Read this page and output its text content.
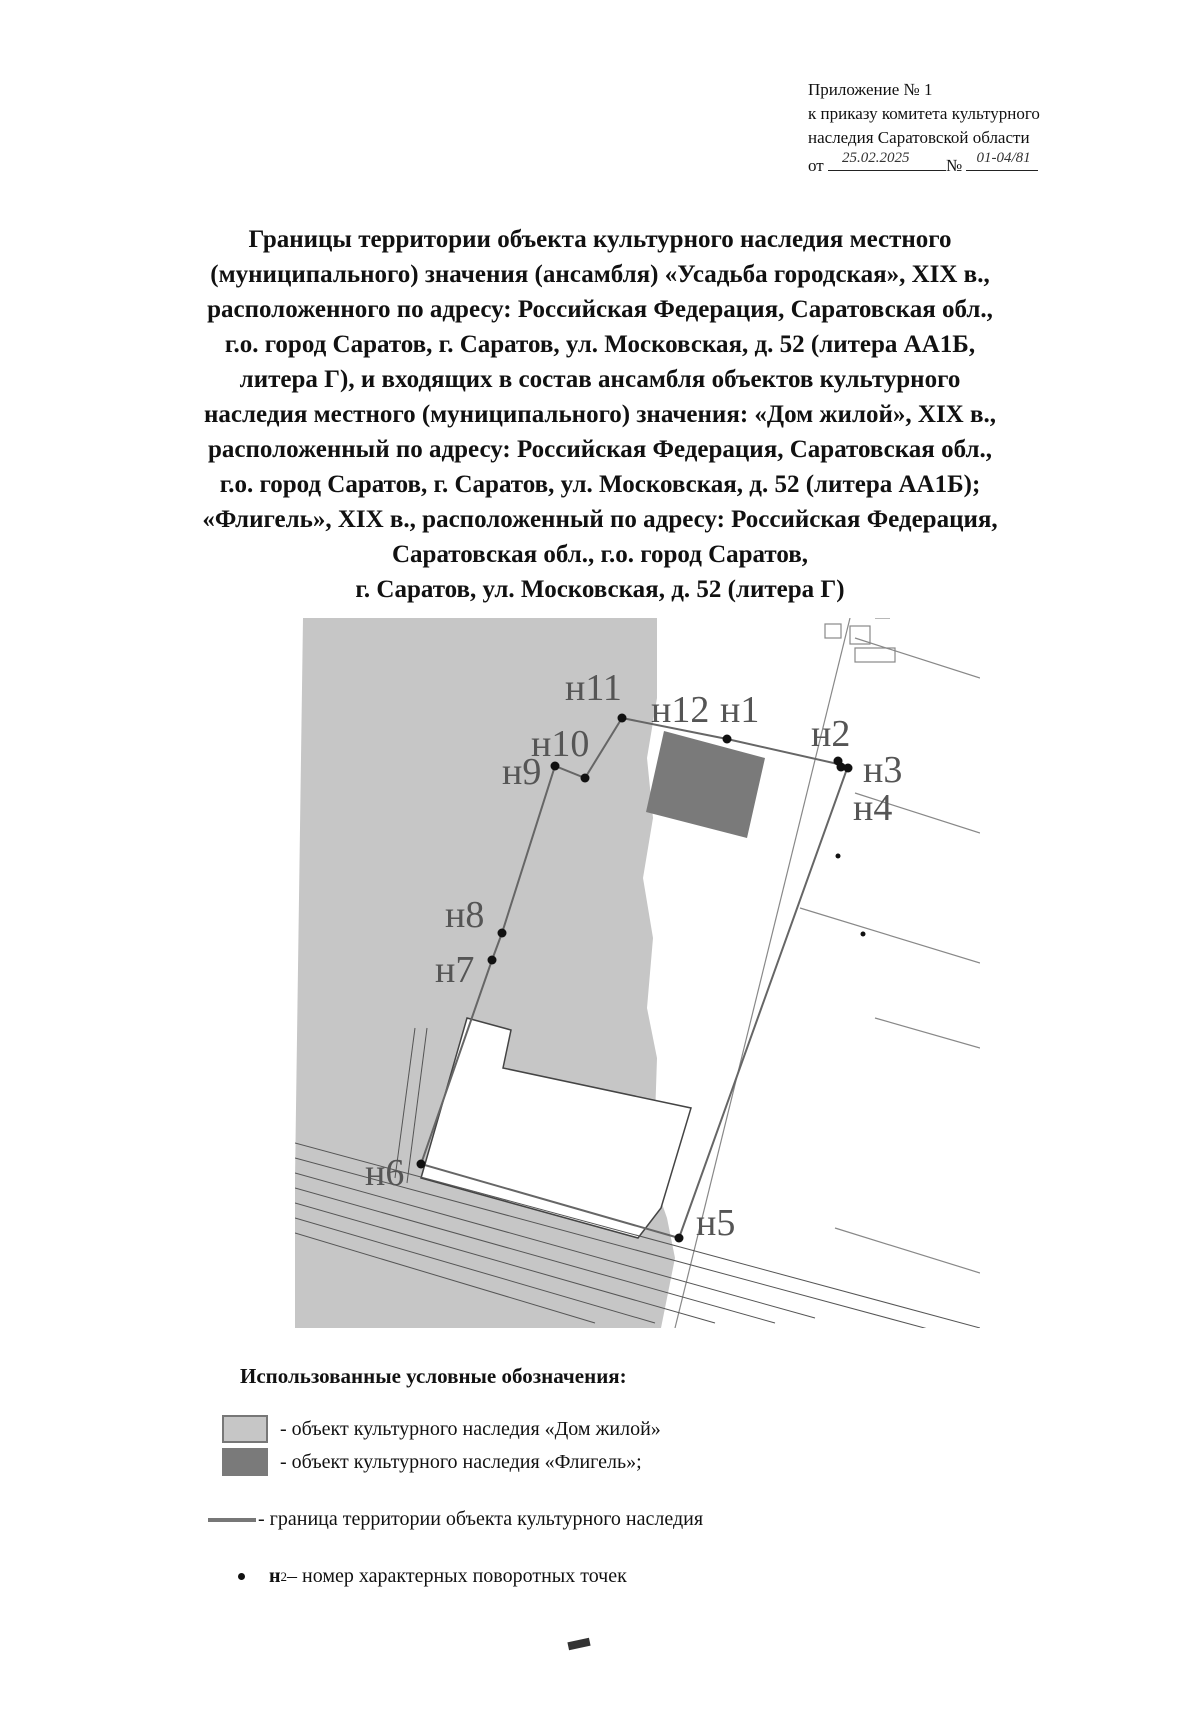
Приложение № 1
к приказу комитета культурного
наследия Саратовской области
от 25.02.2025 № 01-04/81
Границы территории объекта культурного наследия местного
(муниципального) значения (ансамбля) «Усадьба городская», XIX в.,
расположенного по адресу: Российская Федерация, Саратовская обл.,
г.о. город Саратов, г. Саратов, ул. Московская, д. 52 (литера АА1Б,
литера Г), и входящих в состав ансамбля объектов культурного
наследия местного (муниципального) значения: «Дом жилой», XIX в.,
расположенный по адресу: Российская Федерация, Саратовская обл.,
г.о. город Саратов, г. Саратов, ул. Московская, д. 52 (литера АА1Б);
«Флигель», XIX в., расположенный по адресу: Российская Федерация,
Саратовская обл., г.о. город Саратов,
г. Саратов, ул. Московская, д. 52 (литера Г)
н1
н2
н3
н4
н5
н6
н7
н8
н9
н10
н11
н12
Использованные условные обозначения:
- объект культурного наследия «Дом жилой»
- объект культурного наследия «Флигель»;
- граница территории объекта культурного наследия
н 2 – номер характерных поворотных точек
